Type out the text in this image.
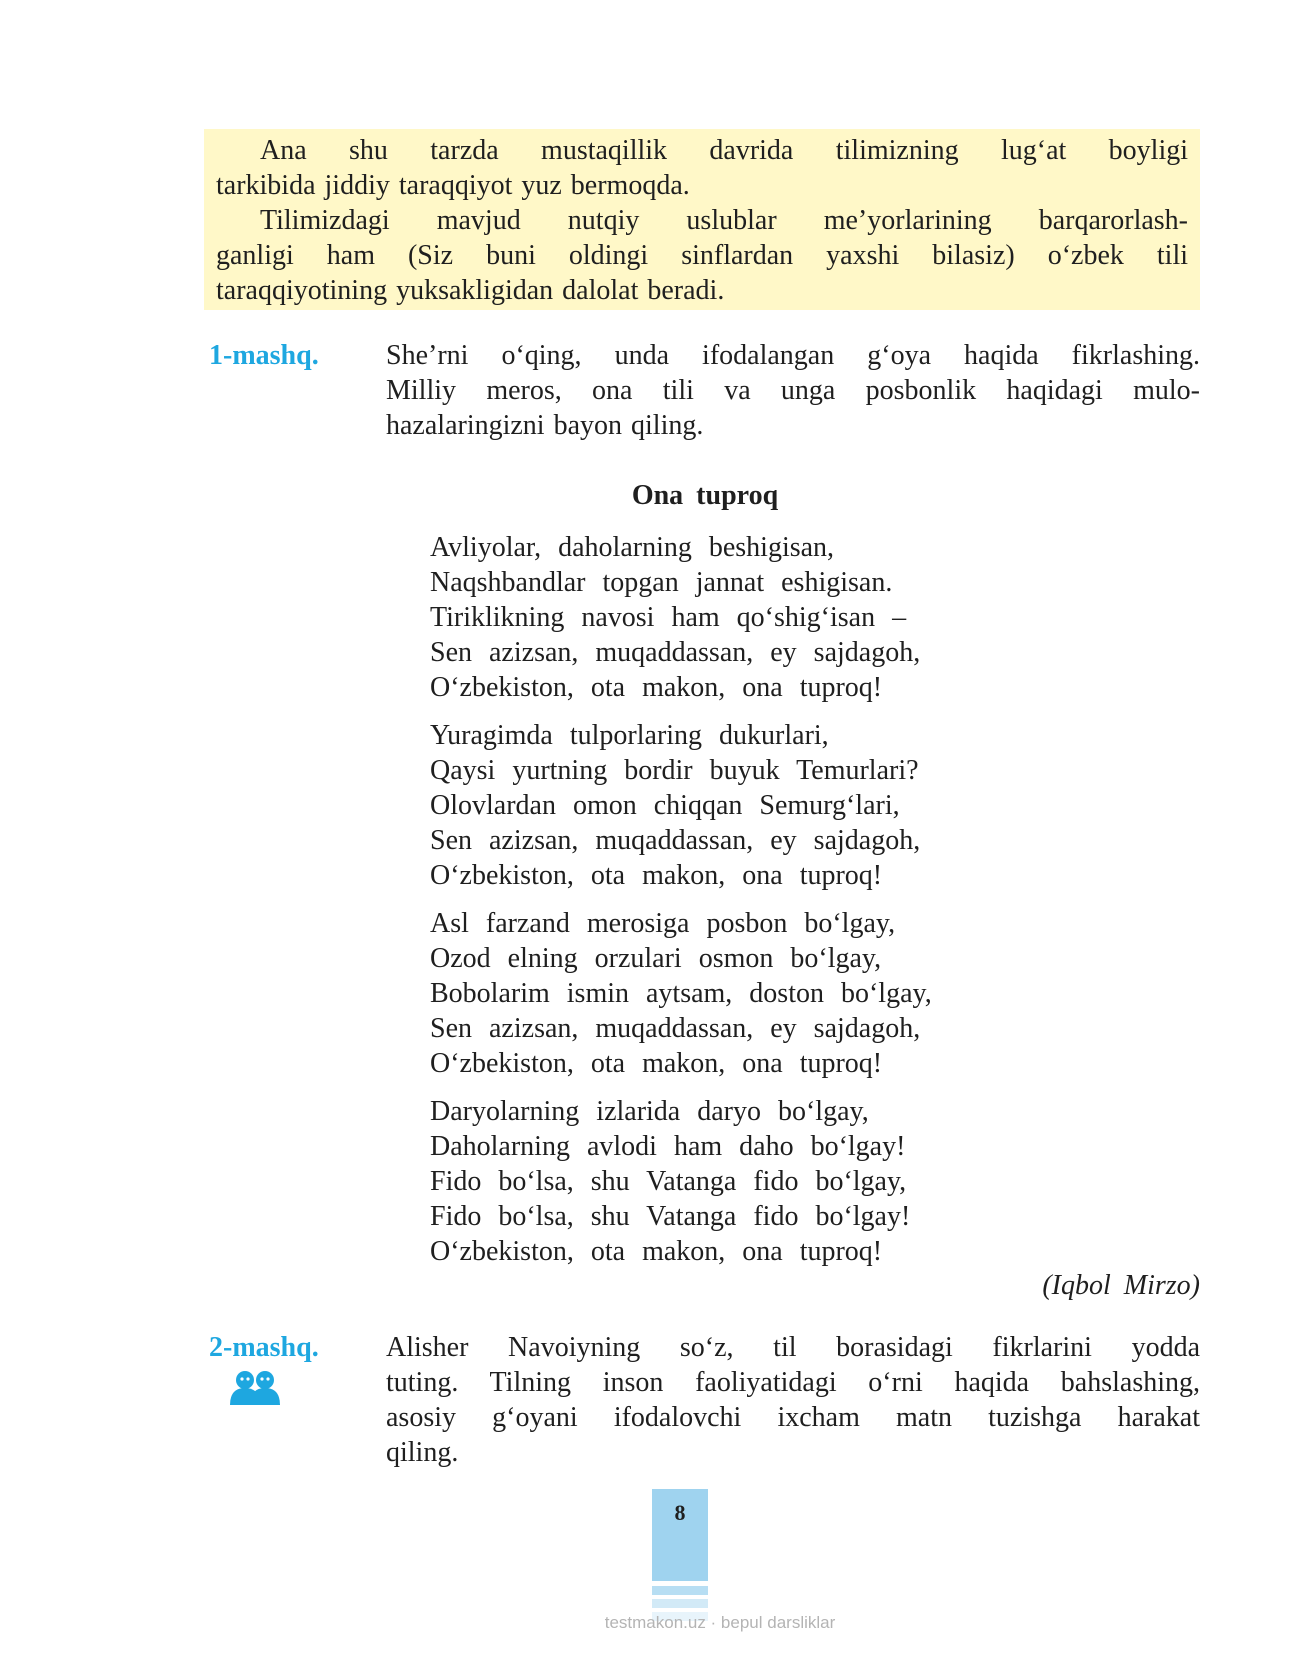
Ana shu tarzda mustaqillik davrida tilimizning lug‘at boyligi
tarkibida jiddiy taraqqiyot yuz bermoqda.
Tilimizdagi mavjud nutqiy uslublar me’yorlarining barqarorlash-
ganligi ham (Siz buni oldingi sinflardan yaxshi bilasiz) o‘zbek tili
taraqqiyotining yuksakligidan dalolat beradi.
1-mashq. She’rni o‘qing, unda ifodalangan g‘oya haqida fikrlashing.
Milliy meros, ona tili va unga posbonlik haqidagi mulo-
hazalaringizni bayon qiling.
Ona tuproq
Avliyolar, daholarning beshigisan,
Naqshbandlar topgan jannat eshigisan.
Tiriklikning navosi ham qo‘shig‘isan –
Sen azizsan, muqaddassan, ey sajdagoh,
O‘zbekiston, ota makon, ona tuproq!
Yuragimda tulporlaring dukurlari,
Qaysi yurtning bordir buyuk Temurlari?
Olovlardan omon chiqqan Semurg‘lari,
Sen azizsan, muqaddassan, ey sajdagoh,
O‘zbekiston, ota makon, ona tuproq!
Asl farzand merosiga posbon bo‘lgay,
Ozod elning orzulari osmon bo‘lgay,
Bobolarim ismin aytsam, doston bo‘lgay,
Sen azizsan, muqaddassan, ey sajdagoh,
O‘zbekiston, ota makon, ona tuproq!
Daryolarning izlarida daryo bo‘lgay,
Daholarning avlodi ham daho bo‘lgay!
Fido bo‘lsa, shu Vatanga fido bo‘lgay,
Fido bo‘lsa, shu Vatanga fido bo‘lgay!
O‘zbekiston, ota makon, ona tuproq!
(Iqbol Mirzo)
2-mashq. Alisher Navoiyning so‘z, til borasidagi fikrlarini yodda
tuting. Tilning inson faoliyatidagi o‘rni haqida bahslashing,
asosiy g‘oyani ifodalovchi ixcham matn tuzishga harakat
qiling.
8
testmakon.uz · bepul darsliklar
